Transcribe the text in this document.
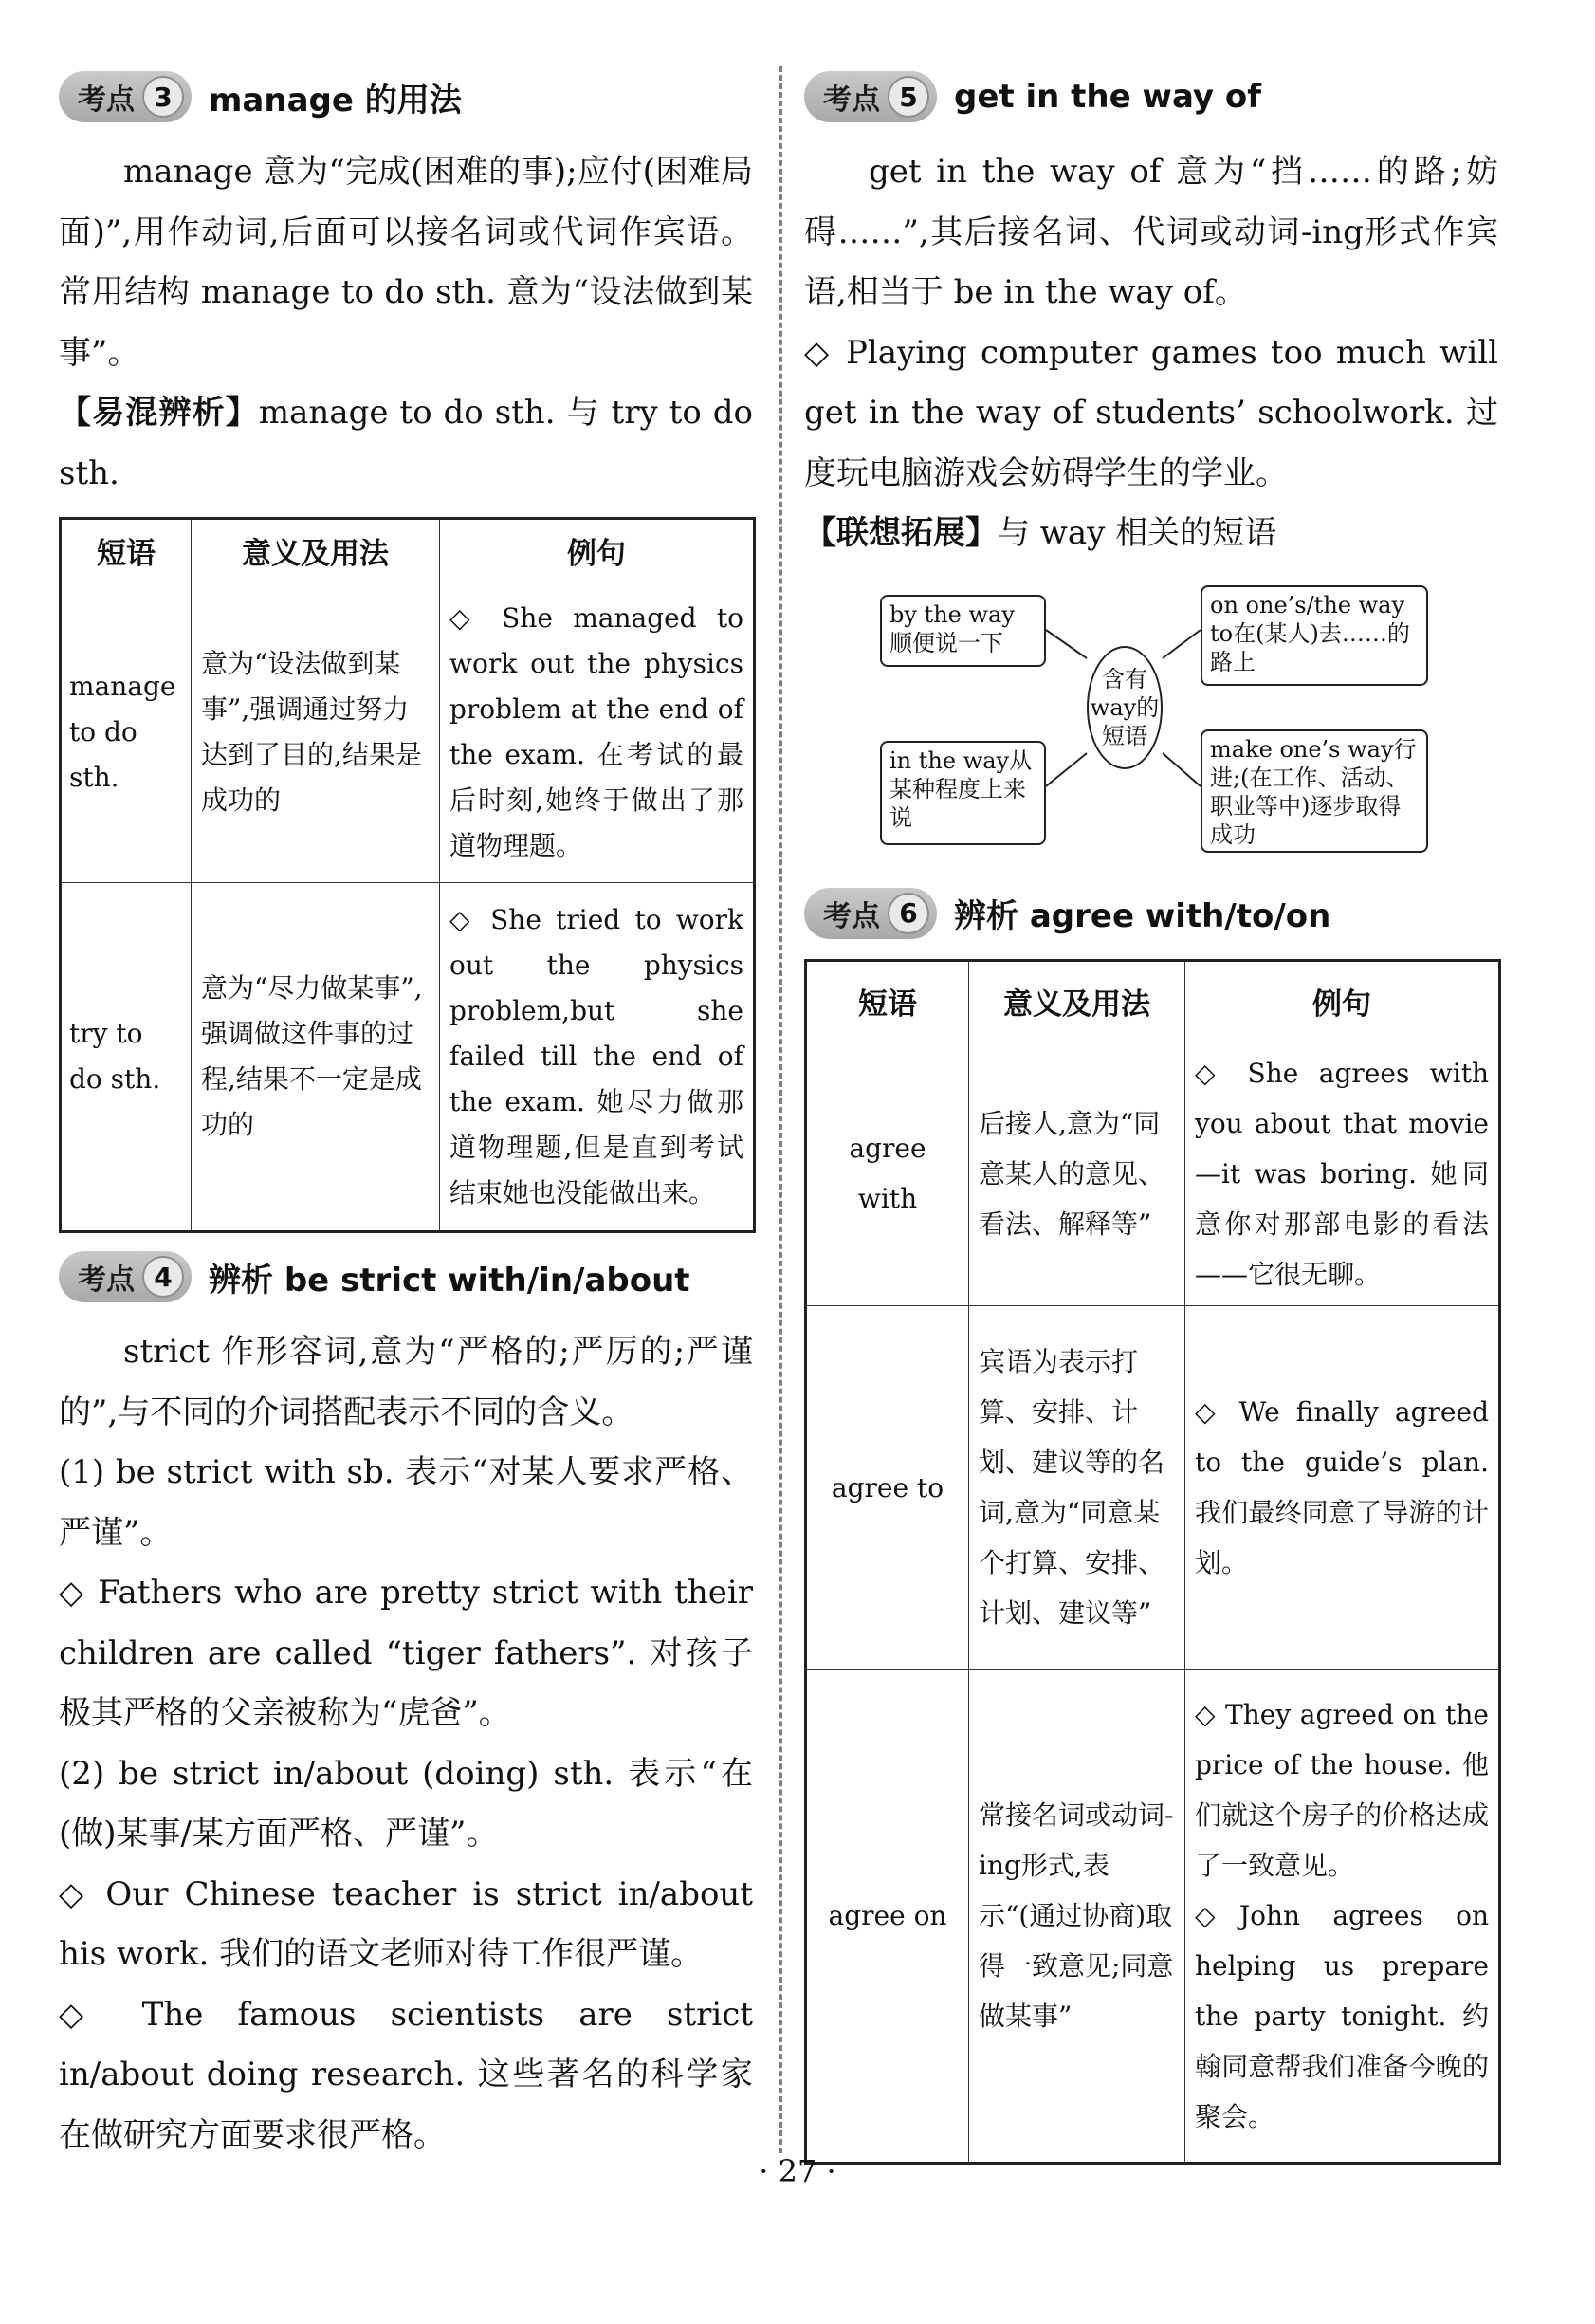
考点 3	manage 的用法

manage 意为“完成(困难的事);应付(困难局面)”,用作动词,后面可以接名词或代词作宾语。常用结构 manage to do sth. 意为“设法做到某事”。

【易混辨析】manage to do sth. 与 try to do sth.

短语	意义及用法	例句
manage to do sth.	意为“设法做到某事”,强调通过努力达到了目的,结果是成功的	◇ She managed to work out the physics problem at the end of the exam. 在考试的最后时刻,她终于做出了那道物理题。
try to do sth.	意为“尽力做某事”,强调做这件事的过程,结果不一定是成功的	◇ She tried to work out the physics problem,but she failed till the end of the exam. 她尽力做那道物理题,但是直到考试结束她也没能做出来。
考点 4	辨析 be strict with/in/about

strict 作形容词,意为“严格的;严厉的;严谨的”,与不同的介词搭配表示不同的含义。

(1) be strict with sb. 表示“对某人要求严格、严谨”。

◇ Fathers who are pretty strict with their children are called “tiger fathers”. 对孩子极其严格的父亲被称为“虎爸”。

(2) be strict in/about (doing) sth. 表示“在(做)某事/某方面严格、严谨”。

◇ Our Chinese teacher is strict in/about his work. 我们的语文老师对待工作很严谨。

◇ The famous scientists are strict in/about doing research. 这些著名的科学家在做研究方面要求很严格。

考点 5	get in the way of

get in the way of 意为“挡……的路;妨碍……”,其后接名词、代词或动词-ing形式作宾语,相当于 be in the way of。

◇ Playing computer games too much will get in the way of students’ schoolwork. 过度玩电脑游戏会妨碍学生的学业。

【联想拓展】与 way 相关的短语

by the way顺便说一下
on one’s/the way to在(某人)去……的路上
含有way的短语
in the way从某种程度上来说
make one’s way行进;(在工作、活动、职业等中)逐步取得成功
考点 6	辨析 agree with/to/on
短语	意义及用法	例句
agree with	后接人,意为“同意某人的意见、看法、解释等”	◇ She agrees with you about that movie—it was boring. 她同意你对那部电影的看法——它很无聊。
agree to	宾语为表示打算、安排、计划、建议等的名词,意为“同意某个打算、安排、计划、建议等”	◇ We finally agreed to the guide’s plan. 我们最终同意了导游的计划。
agree on	常接名词或动词-ing形式,表示“(通过协商)取得一致意见;同意做某事”	◇ They agreed on the price of the house. 他们就这个房子的价格达成了一致意见。
◇John agrees on helping us prepare the party tonight. 约翰同意帮我们准备今晚的聚会。
· 27 ·
